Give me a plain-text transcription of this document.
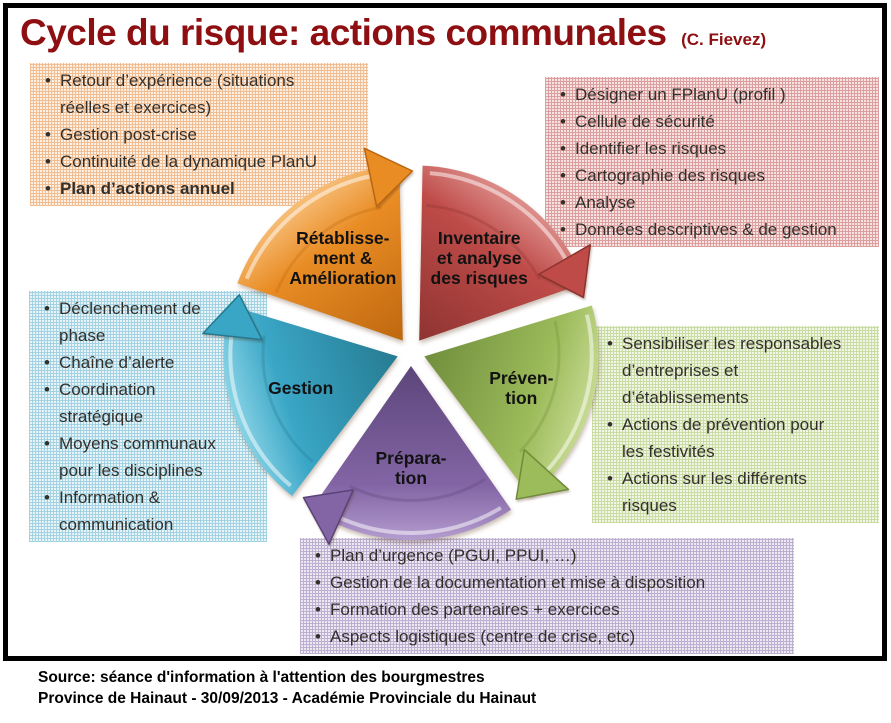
Cycle du risque: actions communales (C. Fievez)
• Retour d’expérience (situations
réelles et exercices)
• Gestion post-crise
• Continuité de la dynamique PlanU
• Plan d’actions annuel
• Désigner un FPlanU (profil )
• Cellule de sécurité
• Identifier les risques
• Cartographie des risques
• Analyse
• Données descriptives & de gestion
• Déclenchement de
phase
• Chaîne d’alerte
• Coordination
stratégique
• Moyens communaux
pour les disciplines
• Information &
communication
• Sensibiliser les responsables
d’entreprises et
d’établissements
• Actions de prévention pour
les festivités
• Actions sur les différents
risques
• Plan d’urgence (PGUI, PPUI, …)
• Gestion de la documentation et mise à disposition
• Formation des partenaires + exercices
• Aspects logistiques (centre de crise, etc)
Inventaire et analyse des risques
Préven-tion
Prépara-tion
Gestion
Rétablisse-ment & Amélioration
Source: séance d'information à l'attention des bourgmestres
Province de Hainaut - 30/09/2013 - Académie Provinciale du Hainaut
